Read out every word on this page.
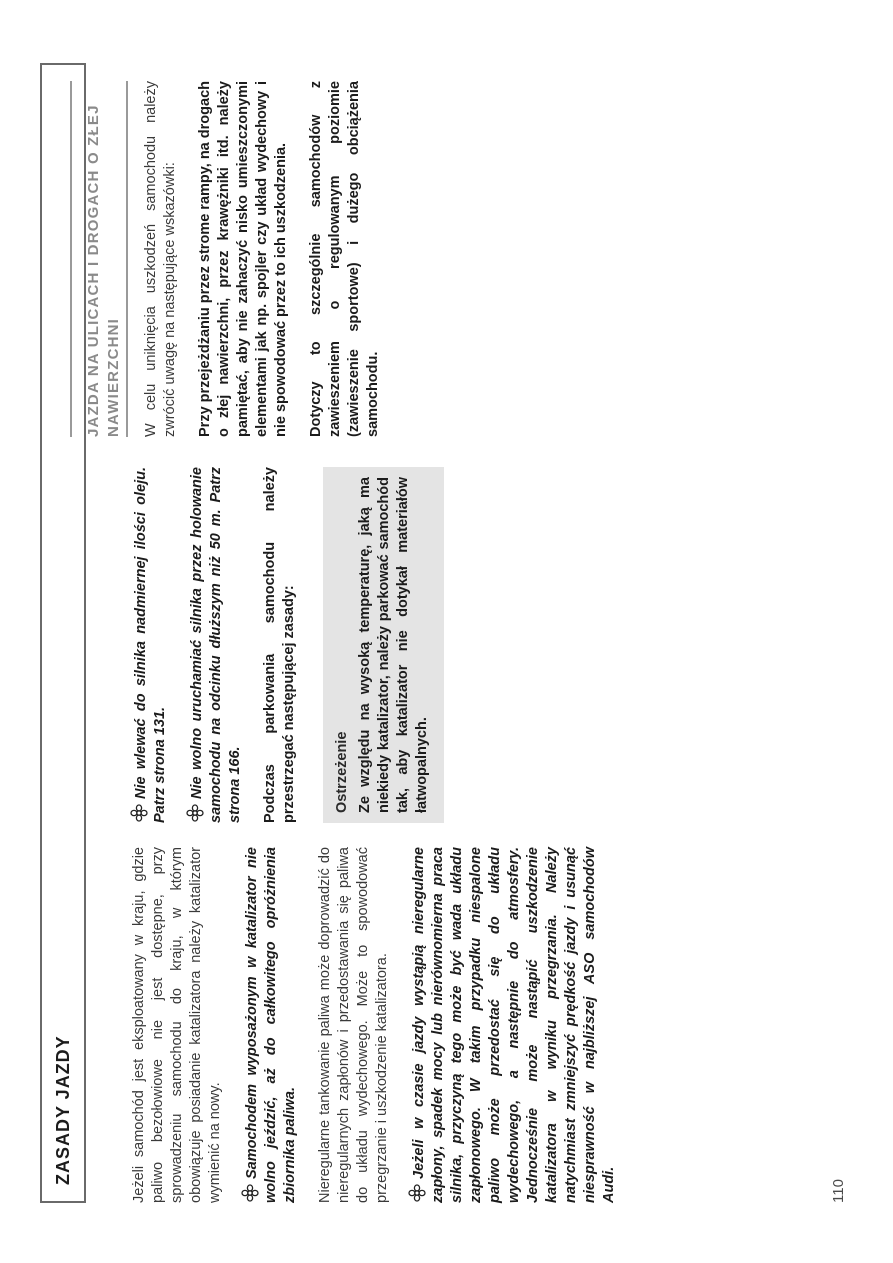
ZASADY JAZDY	Jeżeli samochód jest eksploatowany w kraju, gdzie paliwo bezołowiowe nie jest dostępne, przy sprowadzeniu samochodu do kraju, w którym obowiązuje posiadanie katalizatora należy katalizator wymienić na nowy. Samochodem wyposażonym w katalizator nie wolno jeździć, aż do całkowitego opróżnienia zbiornika paliwa. Nieregularne tankowanie paliwa może doprowadzić do nieregularnych zapłonów i przedostawania się paliwa do układu wydechowego. Może to spowodować przegrzanie i uszkodzenie katalizatora. Jeżeli w czasie jazdy wystąpią nieregularne zapłony, spadek mocy lub nierównomierna praca silnika, przyczyną tego może być wada układu zapłonowego. W takim przypadku niespalone paliwo może przedostać się do układu wydechowego, a następnie do atmosfery. Jednocześnie może nastąpić uszkodzenie katalizatora w wyniku przegrzania. Należy natychmiast zmniejszyć prędkość jazdy i usunąć niesprawność w najbliższej ASO samochodów Audi.

Nie wlewać do silnika nadmiernej ilości oleju. Patrz strona 131. Nie wolno uruchamiać silnika przez holowanie samochodu na odcinku dłuższym niż 50 m. Patrz strona 166. Podczas parkowania samochodu należy przestrzegać następującej zasady:	Ostrzeżenie Ze względu na wysoką temperaturę, jaką ma niekiedy katalizator, należy parkować samochód tak, aby katalizator nie dotykał materiałów łatwopalnych.
JAZDA NA ULICACH I DROGACH O ZŁEJ NAWIERZCHNI	W celu uniknięcia uszkodzeń samochodu należy zwrócić uwagę na następujące wskazówki: Przy przejeżdżaniu przez strome rampy, na drogach o złej nawierzchni, przez krawężniki itd. należy pamiętać, aby nie zahaczyć nisko umieszczonymi elementami jak np. spojler czy układ wydechowy i nie spowodować przez to ich uszkodzenia. Dotyczy to szczególnie samochodów z zawieszeniem o regulowanym poziomie (zawieszenie sportowe) i dużego obciążenia samochodu.

110
